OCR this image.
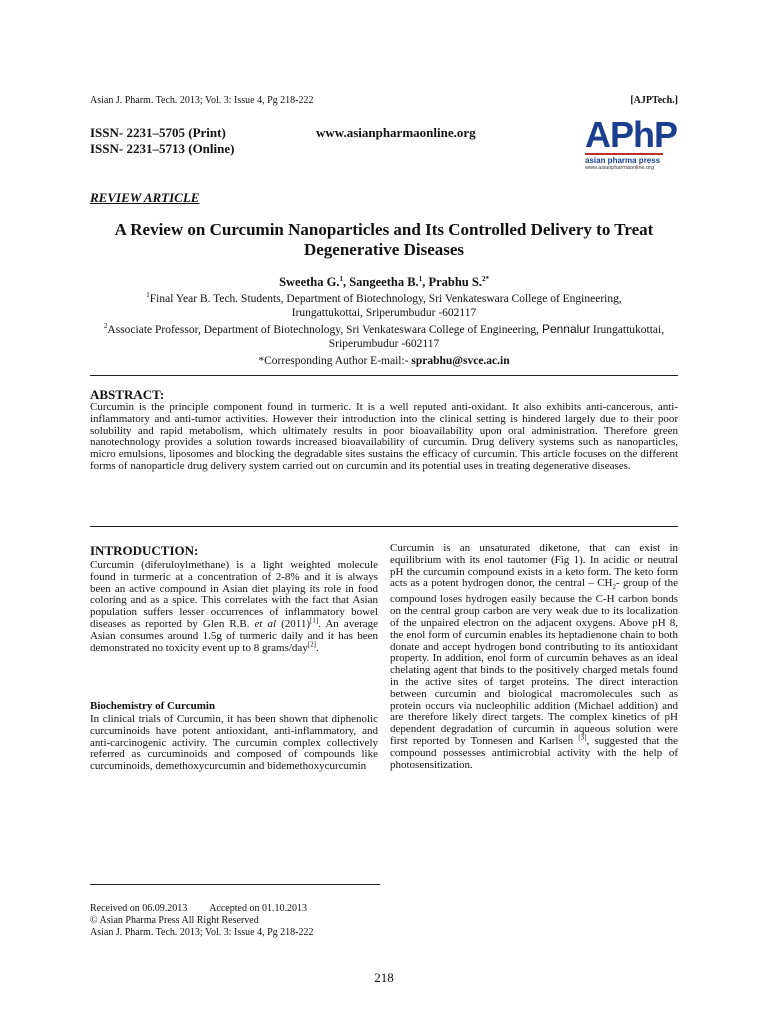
Asian J. Pharm. Tech. 2013; Vol. 3: Issue 4, Pg 218-222	[AJPTech.]
ISSN- 2231–5705 (Print)
ISSN- 2231–5713 (Online)
www.asianpharmaonline.org	APhP
asian pharma press
www.asianpharmaonline.org
REVIEW ARTICLE
A Review on Curcumin Nanoparticles and Its Controlled Delivery to Treat
Degenerative Diseases
Sweetha G.$^1$, Sangeetha B.$^1$, Prabhu S.$^{2*}$
$^1$Final Year B. Tech. Students, Department of Biotechnology, Sri Venkateswara College of Engineering,
Irungattukottai, Sriperumbudur -602117
$^2$Associate Professor, Department of Biotechnology, Sri Venkateswara College of Engineering, Pennalur Irungattukottai,
Sriperumbudur -602117
*Corresponding Author E-mail:- sprabhu@svce.ac.in
ABSTRACT:
Curcumin is the principle component found in turmeric. It is a well reputed anti-oxidant. It also exhibits anti-cancerous, anti-inflammatory and anti-tumor activities. However their introduction into the clinical setting is hindered largely due to their poor solubility and rapid metabolism, which ultimately results in poor bioavailability upon oral administration. Therefore green nanotechnology provides a solution towards increased bioavailability of curcumin. Drug delivery systems such as nanoparticles, micro emulsions, liposomes and blocking the degradable sites sustains the efficacy of curcumin. This article focuses on the different forms of nanoparticle drug delivery system carried out on curcumin and its potential uses in treating degenerative diseases.
INTRODUCTION:
Curcumin (diferuloylmethane) is a light weighted molecule found in turmeric at a concentration of 2-8% and it is always been an active compound in Asian diet playing its role in food coloring and as a spice. This correlates with the fact that Asian population suffers lesser occurrences of inflammatory bowel diseases as reported by Glen R.B. et al (2011)[1]. An average Asian consumes around 1.5g of turmeric daily and it has been demonstrated no toxicity event up to 8 grams/day[2].
Biochemistry of Curcumin
In clinical trials of Curcumin, it has been shown that diphenolic curcuminoids have potent antioxidant, anti-inflammatory, and anti-carcinogenic activity. The curcumin complex collectively referred as curcuminoids and composed of compounds like curcuminoids, demethoxycurcumin and bidemethoxycurcumin
Curcumin is an unsaturated diketone, that can exist in equilibrium with its enol tautomer (Fig 1). In acidic or neutral pH the curcumin compound exists in a keto form. The keto form acts as a potent hydrogen donor, the central – $CH_2-$ group of the compound loses hydrogen easily because the C-H carbon bonds on the central group carbon are very weak due to its localization of the unpaired electron on the adjacent oxygens. Above pH 8, the enol form of curcumin enables its heptadienone chain to both donate and accept hydrogen bond contributing to its antioxidant property. In addition, enol form of curcumin behaves as an ideal chelating agent that binds to the positively charged metals found in the active sites of target proteins. The direct interaction between curcumin and biological macromolecules such as protein occurs via nucleophilic addition (Michael addition) and are therefore likely direct targets. The complex kinetics of pH dependent degradation of curcumin in aqueous solution were first reported by Tonnesen and Karlsen [3], suggested that the compound possesses antimicrobial activity with the help of photosensitization.
Received on 06.09.2013 Accepted on 01.10.2013
© Asian Pharma Press All Right Reserved
Asian J. Pharm. Tech. 2013; Vol. 3: Issue 4, Pg 218-222
218
